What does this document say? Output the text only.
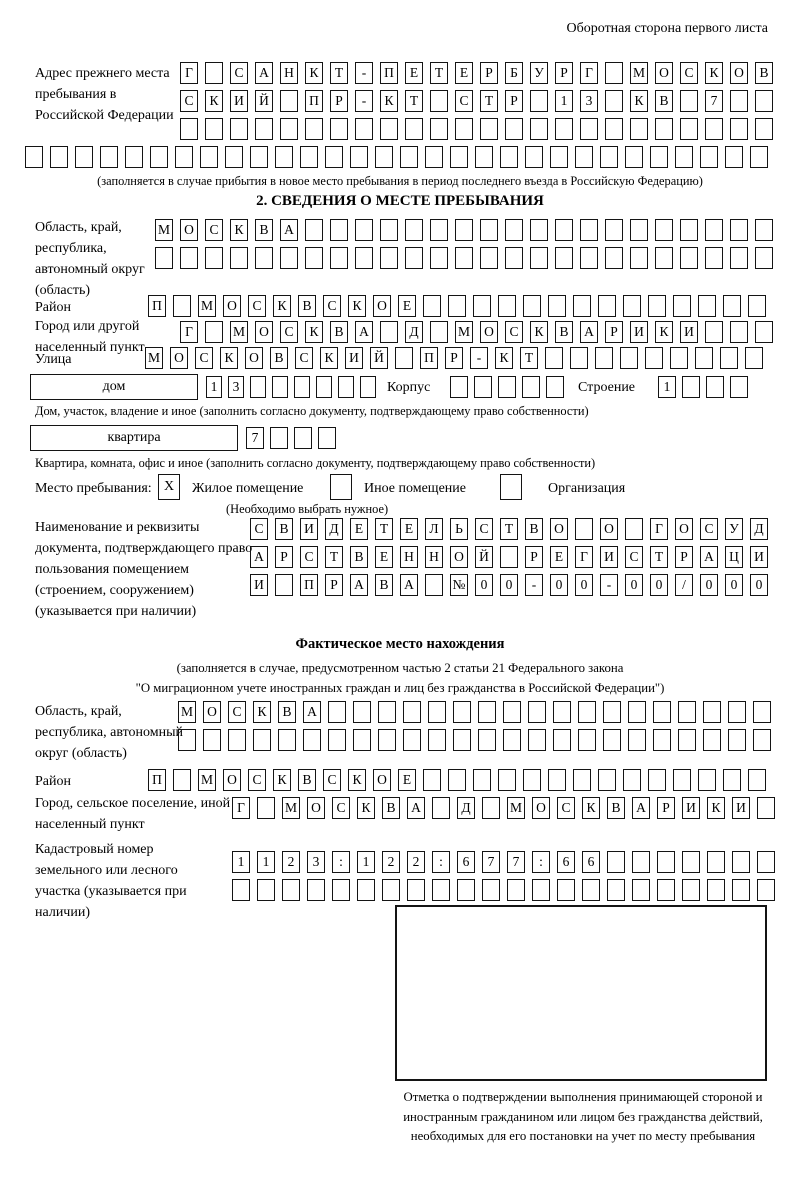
Оборотная сторона первого листа
Адрес прежнего места пребывания в Российской Федерации
Г	С	А	Н	К	Т	-	П	Е	Т	Е	Р	Б	У	Р	Г	М	О	С	К	О	В
С	К	И	Й	П	Р	-	К	Т	С	Т	Р	1	3	К	В	7
(заполняется в случае прибытия в новое место пребывания в период последнего въезда в Российскую Федерацию)
2. СВЕДЕНИЯ О МЕСТЕ ПРЕБЫВАНИЯ
Область, край, республика, автономный округ (область)
М	О	С	К	В	А
Район	П	М	О	С	К	В	С	К	О	Е
Город или другой населенный пункт
Г	М	О	С	К	В	А	Д	М	О	С	К	В	А	Р	И	К	И
Улица	М	О	С	К	О	В	С	К	И	Й	П	Р	-	К	Т
дом	1	3	Корпус	Строение	1
Дом, участок, владение и иное (заполнить согласно документу, подтверждающему право собственности)
квартира	7
Квартира, комната, офис и иное (заполнить согласно документу, подтверждающему право собственности)
Место пребывания: X	Жилое помещение	Иное помещение	Организация
(Необходимо выбрать нужное)
Наименование и реквизиты документа, подтверждающего право пользования помещением (строением, сооружением) (указывается при наличии)
С	В	И	Д	Е	Т	Е	Л	Ь	С	Т	В	О	О	Г	О	С	У	Д
А	Р	С	Т	В	Е	Н	Н	О	Й	Р	Е	Г	И	С	Т	Р	А	Ц	И
И	П	Р	А	В	А	№	0	0	-	0	0	-	0	0	/	0	0	0
Фактическое место нахождения
(заполняется в случае, предусмотренном частью 2 статьи 21 Федерального закона
"О миграционном учете иностранных граждан и лиц без гражданства в Российской Федерации")
Область, край, республика, автономный округ (область)
М	О	С	К	В	А
Район	П	М	О	С	К	В	С	К	О	Е
Город, сельское поселение, иной населенный пункт
Г	М	О	С	К	В	А	Д	М	О	С	К	В	А	Р	И	К	И
Кадастровый номер земельного или лесного участка (указывается при наличии)
1	1	2	3	:	1	2	2	:	6	7	7	:	6	6
Отметка о подтверждении выполнения принимающей стороной и иностранным гражданином или лицом без гражданства действий, необходимых для его постановки на учет по месту пребывания
